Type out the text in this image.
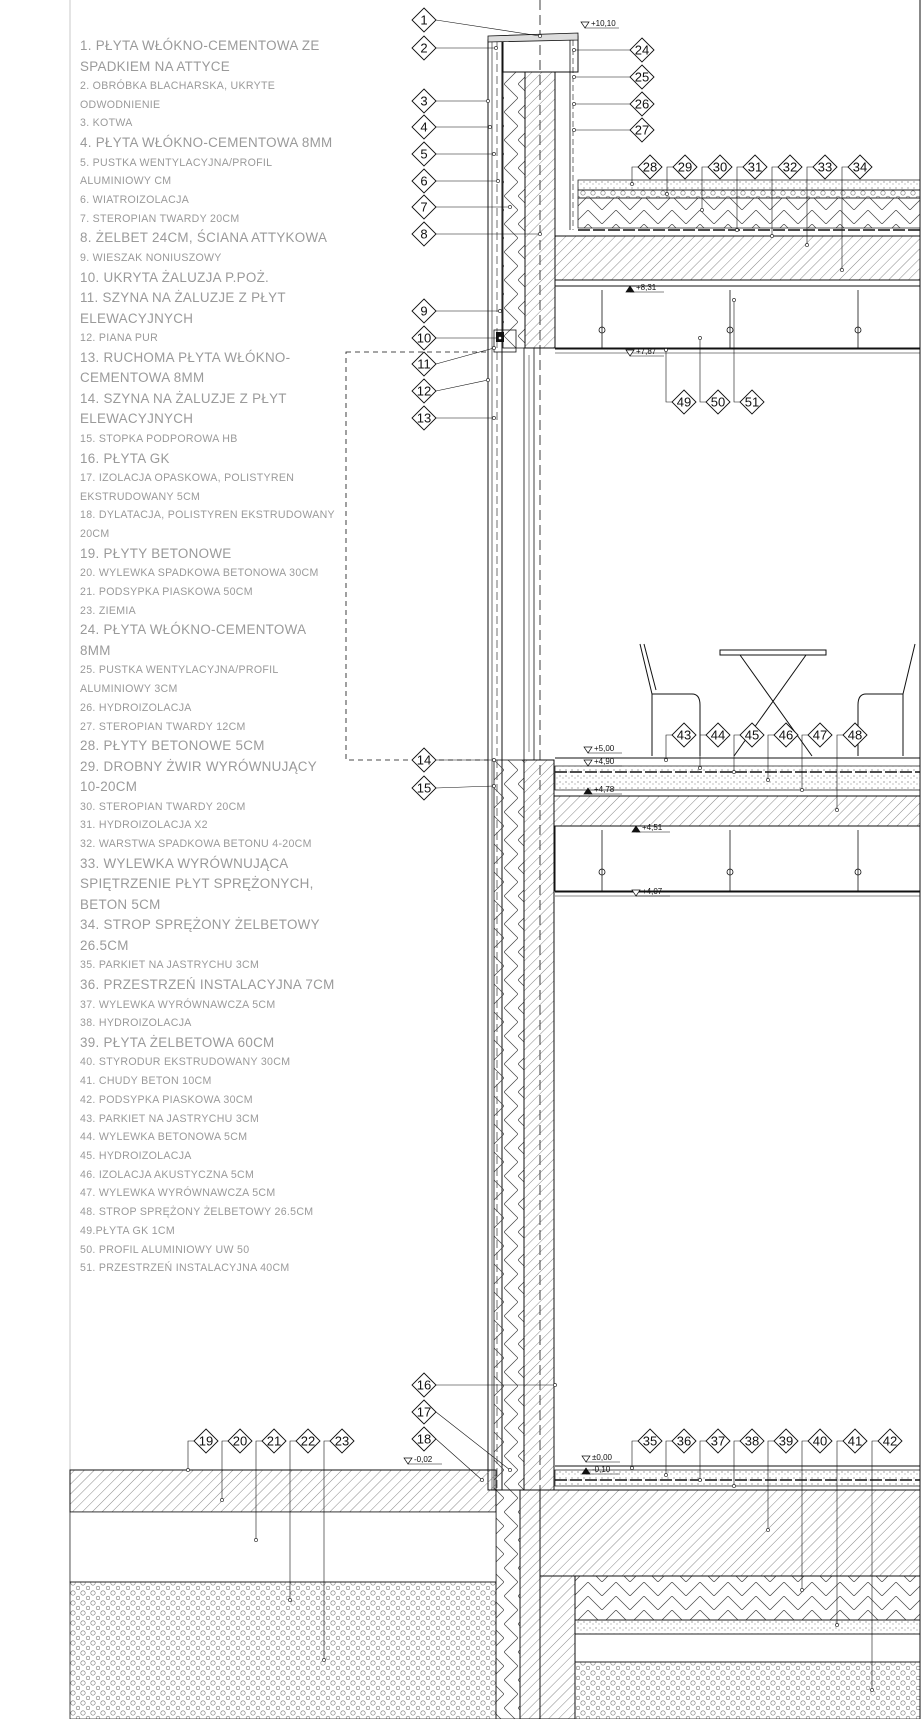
1. PŁYTA WŁÓKNO-CEMENTOWA ZE SPADKIEM NA ATTYCE
2. OBRÓBKA BLACHARSKA, UKRYTE ODWODNIENIE
3. KOTWA
4. PŁYTA WŁÓKNO-CEMENTOWA 8MM
5. PUSTKA WENTYLACYJNA/PROFIL ALUMINIOWY CM
6. WIATROIZOLACJA
7. STEROPIAN TWARDY 20CM
8. ŻELBET 24CM, ŚCIANA ATTYKOWA
9. WIESZAK NONIUSZOWY
10. UKRYTA ŻALUZJA P.POŻ.
11. SZYNA NA ŻALUZJE Z PŁYT ELEWACYJNYCH
12. PIANA PUR
13. RUCHOMA PŁYTA WŁÓKNO-CEMENTOWA 8MM
14. SZYNA NA ŻALUZJE Z PŁYT ELEWACYJNYCH
15. STOPKA PODPOROWA HB
16. PŁYTA GK
17. IZOLACJA OPASKOWA, POLISTYREN EKSTRUDOWANY 5CM
18. DYLATACJA, POLISTYREN EKSTRUDOWANY 20CM
19. PŁYTY BETONOWE
20. WYLEWKA SPADKOWA BETONOWA 30CM
21. PODSYPKA PIASKOWA 50CM
23. ZIEMIA
24. PŁYTA WŁÓKNO-CEMENTOWA 8MM
25. PUSTKA WENTYLACYJNA/PROFIL ALUMINIOWY 3CM
26. HYDROIZOLACJA
27. STEROPIAN TWARDY 12CM
28. PŁYTY BETONOWE 5CM
29. DROBNY ŻWIR WYRÓWNUJĄCY 10-20CM
30. STEROPIAN TWARDY 20CM
31. HYDROIZOLACJA X2
32. WARSTWA SPADKOWA BETONU 4-20CM
33. WYLEWKA WYRÓWNUJĄCA SPIĘTRZENIE PŁYT SPRĘŻONYCH, BETON 5CM
34. STROP SPRĘŻONY ŻELBETOWY 26.5CM
35. PARKIET NA JASTRYCHU 3CM
36. PRZESTRZEŃ INSTALACYJNA 7CM
37. WYLEWKA WYRÓWNAWCZA 5CM
38. HYDROIZOLACJA
39. PŁYTA ŻELBETOWA 60CM
40. STYRODUR EKSTRUDOWANY 30CM
41. CHUDY BETON 10CM
42. PODSYPKA PIASKOWA 30CM
43. PARKIET NA JASTRYCHU 3CM
44. WYLEWKA BETONOWA 5CM
45. HYDROIZOLACJA
46. IZOLACJA AKUSTYCZNA 5CM
47. WYLEWKA WYRÓWNAWCZA 5CM
48. STROP SPRĘŻONY ŻELBETOWY 26.5CM
49.PŁYTA GK 1CM
50. PROFIL ALUMINIOWY UW 50
51. PRZESTRZEŃ INSTALACYJNA 40CM
1
2
3
4
5
6
7
8
9
10
11
12
13
14
15
16
17
18
24
25
26
27
28 29 30 31 32 33 34
49 50 51
43 44 45 46 47 48
19 20 21 22 23	35 36 37 38 39 40 41 42
+10,10
+8,31
+7,87
+5,00
+4,90
+4,78
+4,51
+4,07
±0,00
-0,10
-0,02
